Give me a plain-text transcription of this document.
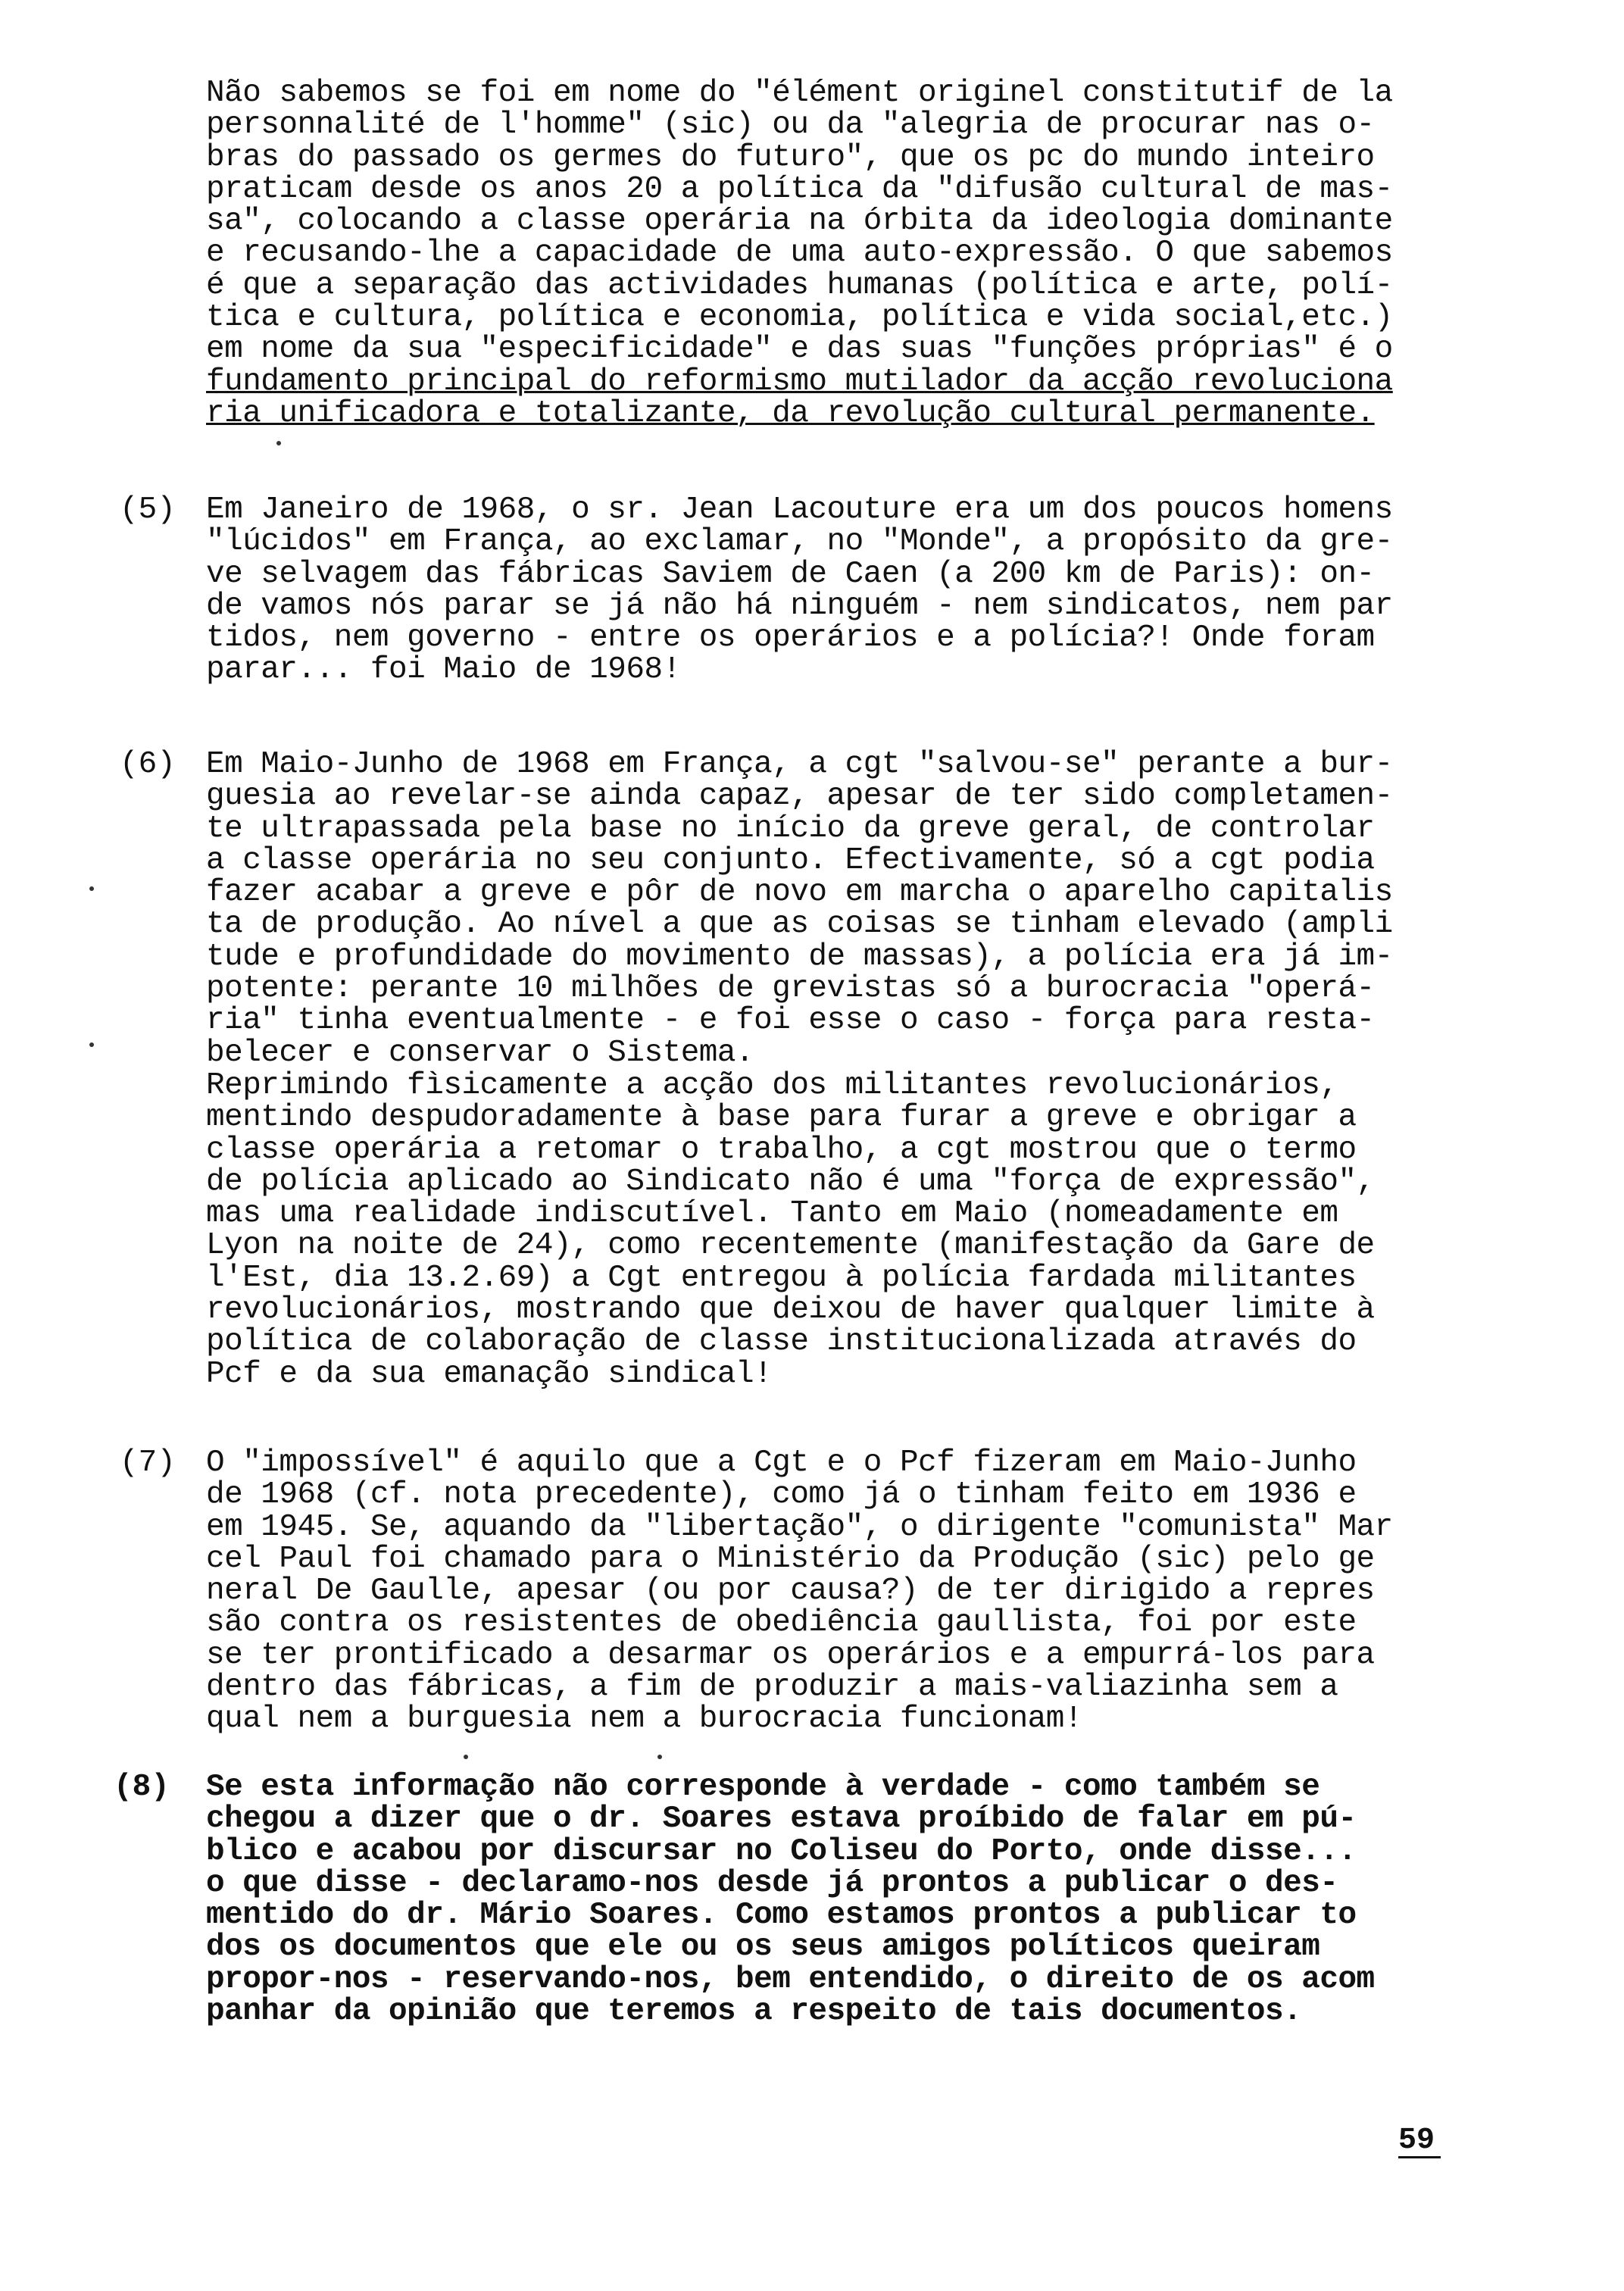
Não sabemos se foi em nome do "élément originel constitutif de la
personnalité de l'homme" (sic) ou da "alegria de procurar nas o-
bras do passado os germes do futuro", que os pc do mundo inteiro
praticam desde os anos 20 a política da "difusão cultural de mas-
sa", colocando a classe operária na órbita da ideologia dominante
e recusando-lhe a capacidade de uma auto-expressão. O que sabemos
é que a separação das actividades humanas (política e arte, polí-
tica e cultura, política e economia, política e vida social,etc.)
em nome da sua "especificidade" e das suas "funções próprias" é o
fundamento principal do reformismo mutilador da acção revoluciona
ria unificadora e totalizante, da revolução cultural permanente.
(5) Em Janeiro de 1968, o sr. Jean Lacouture era um dos poucos homens
"lúcidos" em França, ao exclamar, no "Monde", a propósito da gre-
ve selvagem das fábricas Saviem de Caen (a 200 km de Paris): on-
de vamos nós parar se já não há ninguém - nem sindicatos, nem par
tidos, nem governo - entre os operários e a polícia?! Onde foram
parar... foi Maio de 1968!
(6) Em Maio-Junho de 1968 em França, a cgt "salvou-se" perante a bur-
guesia ao revelar-se ainda capaz, apesar de ter sido completamen-
te ultrapassada pela base no início da greve geral, de controlar
a classe operária no seu conjunto. Efectivamente, só a cgt podia
fazer acabar a greve e pôr de novo em marcha o aparelho capitalis
ta de produção. Ao nível a que as coisas se tinham elevado (ampli
tude e profundidade do movimento de massas), a polícia era já im-
potente: perante 10 milhões de grevistas só a burocracia "operá-
ria" tinha eventualmente - e foi esse o caso - força para resta-
belecer e conservar o Sistema.
Reprimindo fìsicamente a acção dos militantes revolucionários,
mentindo despudoradamente à base para furar a greve e obrigar a
classe operária a retomar o trabalho, a cgt mostrou que o termo
de polícia aplicado ao Sindicato não é uma "força de expressão",
mas uma realidade indiscutível. Tanto em Maio (nomeadamente em
Lyon na noite de 24), como recentemente (manifestação da Gare de
l'Est, dia 13.2.69) a Cgt entregou à polícia fardada militantes
revolucionários, mostrando que deixou de haver qualquer limite à
política de colaboração de classe institucionalizada através do
Pcf e da sua emanação sindical!
(7) O "impossível" é aquilo que a Cgt e o Pcf fizeram em Maio-Junho
de 1968 (cf. nota precedente), como já o tinham feito em 1936 e
em 1945. Se, aquando da "libertação", o dirigente "comunista" Mar
cel Paul foi chamado para o Ministério da Produção (sic) pelo ge
neral De Gaulle, apesar (ou por causa?) de ter dirigido a repres
são contra os resistentes de obediência gaullista, foi por este
se ter prontificado a desarmar os operários e a empurrá-los para
dentro das fábricas, a fim de produzir a mais-valiazinha sem a
qual nem a burguesia nem a burocracia funcionam!
(8) Se esta informação não corresponde à verdade - como também se
chegou a dizer que o dr. Soares estava proíbido de falar em pú-
blico e acabou por discursar no Coliseu do Porto, onde disse...
o que disse - declaramo-nos desde já prontos a publicar o des-
mentido do dr. Mário Soares. Como estamos prontos a publicar to
dos os documentos que ele ou os seus amigos políticos queiram
propor-nos - reservando-nos, bem entendido, o direito de os acom
panhar da opinião que teremos a respeito de tais documentos.
59
